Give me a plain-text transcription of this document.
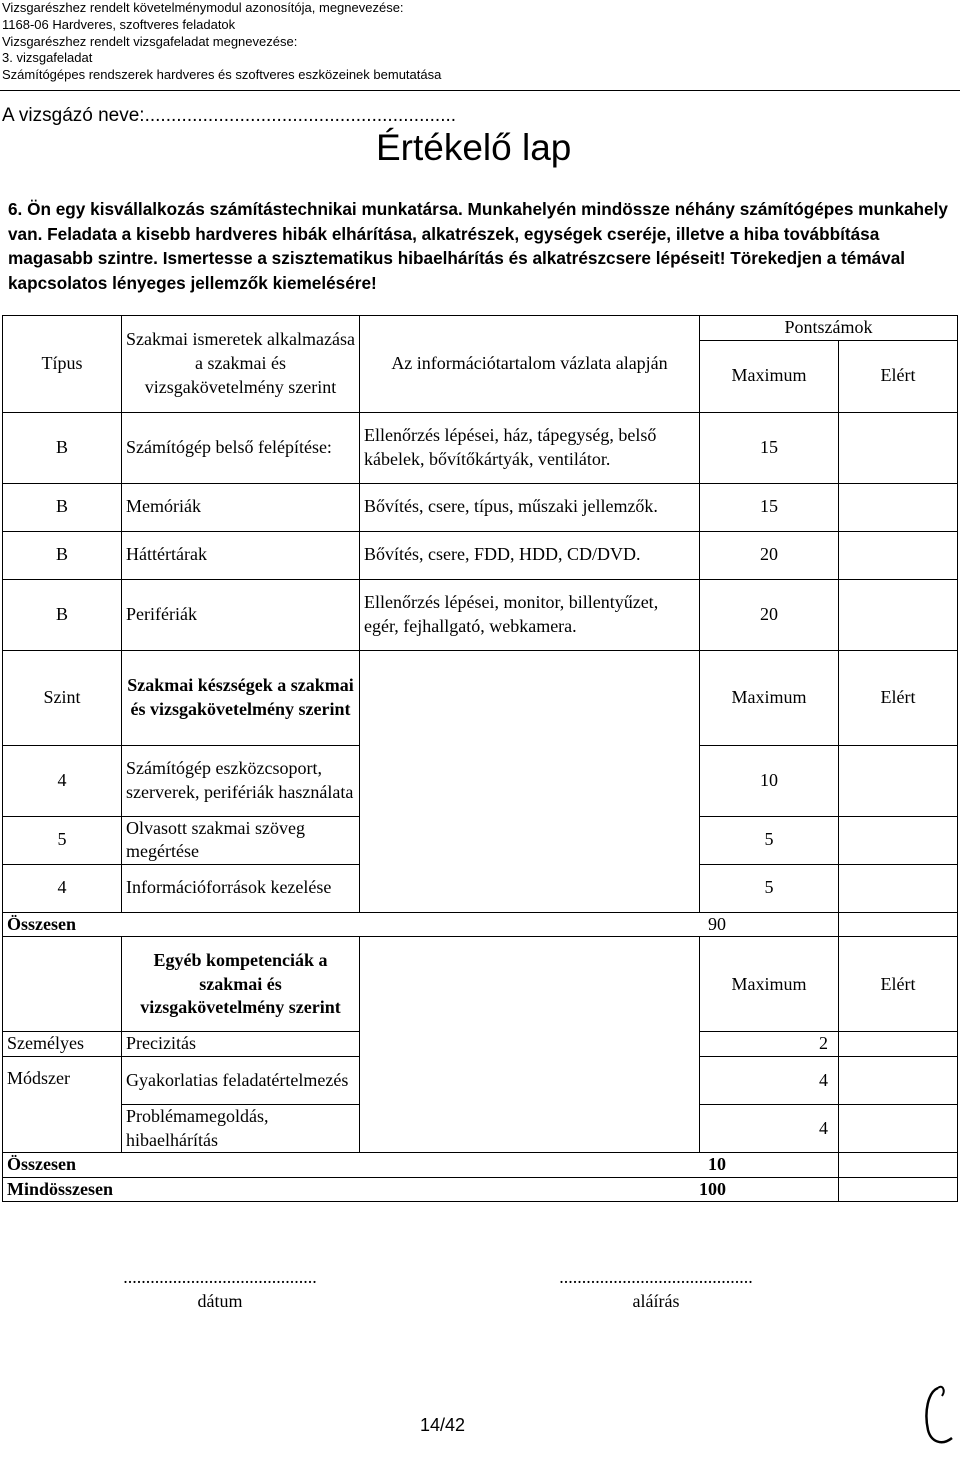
Vizsgarészhez rendelt követelménymodul azonosítója, megnevezése:
1168-06 Hardveres, szoftveres feladatok
Vizsgarészhez rendelt vizsgafeladat megnevezése:
3. vizsgafeladat
Számítógépes rendszerek hardveres és szoftveres eszközeinek bemutatása
A vizsgázó neve:...........................................................
Értékelő lap
6. Ön egy kisvállalkozás számítástechnikai munkatársa. Munkahelyén mindössze néhány számítógépes munkahely van. Feladata a kisebb hardveres hibák elhárítása, alkatrészek, egységek cseréje, illetve a hiba továbbítása magasabb szintre. Ismertesse a szisztematikus hibaelhárítás és alkatrészcsere lépéseit! Törekedjen a témával kapcsolatos lényeges jellemzők kiemelésére!
Típus	Szakmai ismeretek alkalmazása a szakmai és vizsgakövetelmény szerint	Az információtartalom vázlata alapján	Pontszámok	
			Maximum	Elért

B	Számítógép belső felépítése:	Ellenőrzés lépései, ház, tápegység, belső kábelek, bővítőkártyák, ventilátor.	15	
B	Memóriák	Bővítés, csere, típus, műszaki jellemzők.	15	
B	Háttértárak	Bővítés, csere, FDD, HDD, CD/DVD.	20	
B	Perifériák	Ellenőrzés lépései, monitor, billentyűzet, egér, fejhallgató, webkamera.	20	
Szint	Szakmai készségek a szakmai és vizsgakövetelmény szerint		Maximum	Elért
4	Számítógép eszközcsoport, szerverek, perifériák használata		10	
5	Olvasott szakmai szöveg megértése		5	
4	Információforrások kezelése		5	
Összesen 90				

	Egyéb kompetenciák a szakmai és vizsgakövetelmény szerint		Maximum	Elért
Személyes	Precizitás		2	
Módszer	Gyakorlatias feladatértelmezés		4	
	Problémamegoldás, hibaelhárítás		4	
Összesen 10				

Mindösszesen 100				

...........................................
dátum
...........................................
aláírás
14/42
